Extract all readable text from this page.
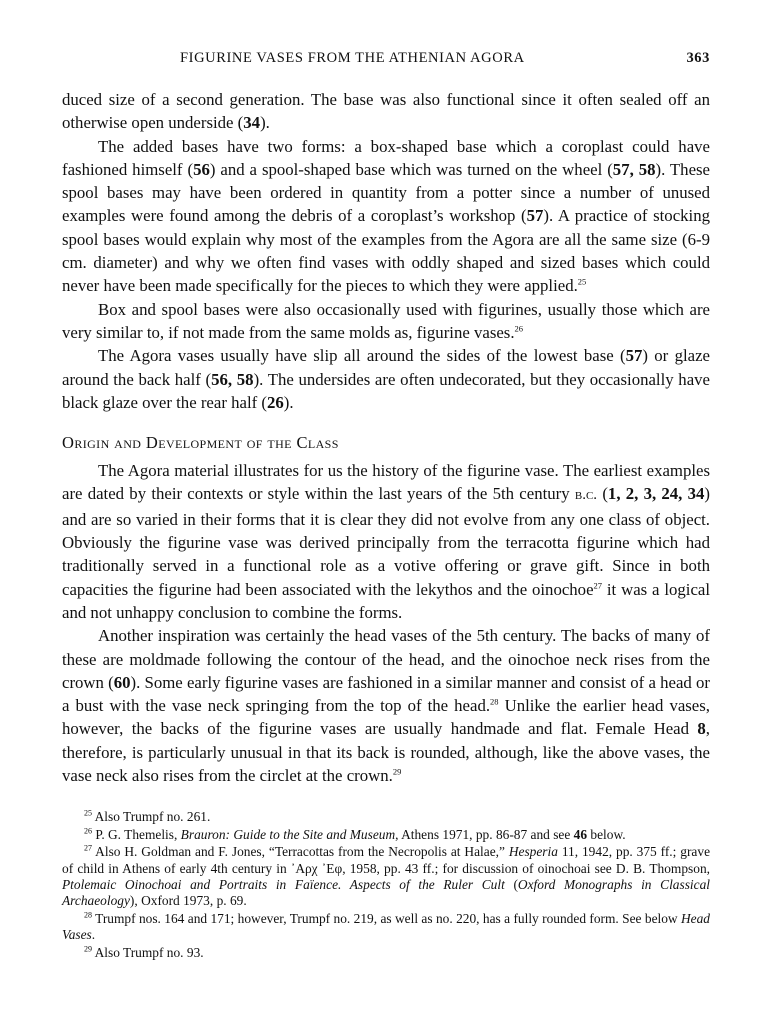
FIGURINE VASES FROM THE ATHENIAN AGORA	363

duced size of a second generation. The base was also functional since it often sealed off an otherwise open underside (34).

The added bases have two forms: a box-shaped base which a coroplast could have fashioned himself (56) and a spool-shaped base which was turned on the wheel (57, 58). These spool bases may have been ordered in quantity from a potter since a number of unused examples were found among the debris of a coroplast’s workshop (57). A practice of stocking spool bases would explain why most of the examples from the Agora are all the same size (6-9 cm. diameter) and why we often find vases with oddly shaped and sized bases which could never have been made specifically for the pieces to which they were applied.$^{25}$

Box and spool bases were also occasionally used with figurines, usually those which are very similar to, if not made from the same molds as, figurine vases.$^{26}$

The Agora vases usually have slip all around the sides of the lowest base (57) or glaze around the back half (56, 58). The undersides are often undecorated, but they occasionally have black glaze over the rear half (26).

Origin and Development of the Class

The Agora material illustrates for us the history of the figurine vase. The earliest examples are dated by their contexts or style within the last years of the 5th century b.c. (1, 2, 3, 24, 34) and are so varied in their forms that it is clear they did not evolve from any one class of object. Obviously the figurine vase was derived principally from the terracotta figurine which had traditionally served in a functional role as a votive offering or grave gift. Since in both capacities the figurine had been associated with the lekythos and the oinochoe$^{27}$ it was a logical and not unhappy conclusion to combine the forms.

Another inspiration was certainly the head vases of the 5th century. The backs of many of these are moldmade following the contour of the head, and the oinochoe neck rises from the crown (60). Some early figurine vases are fashioned in a similar manner and consist of a head or a bust with the vase neck springing from the top of the head.$^{28}$ Unlike the earlier head vases, however, the backs of the figurine vases are usually handmade and flat. Female Head 8, therefore, is particularly unusual in that its back is rounded, although, like the above vases, the vase neck also rises from the circlet at the crown.$^{29}$

$^{25}$ Also Trumpf no. 261.
$^{26}$ P. G. Themelis, Brauron: Guide to the Site and Museum, Athens 1971, pp. 86-87 and see 46 below.
$^{27}$ Also H. Goldman and F. Jones, “Terracottas from the Necropolis at Halae,” Hesperia 11, 1942, pp. 375 ff.; grave of child in Athens of early 4th century in ᾿Αρχ ᾿Εφ, 1958, pp. 43 ff.; for discussion of oinochoai see D. B. Thompson, Ptolemaic Oinochoai and Portraits in Faïence. Aspects of the Ruler Cult (Oxford Monographs in Classical Archaeology), Oxford 1973, p. 69.
$^{28}$ Trumpf nos. 164 and 171; however, Trumpf no. 219, as well as no. 220, has a fully rounded form. See below Head Vases.
$^{29}$ Also Trumpf no. 93.
